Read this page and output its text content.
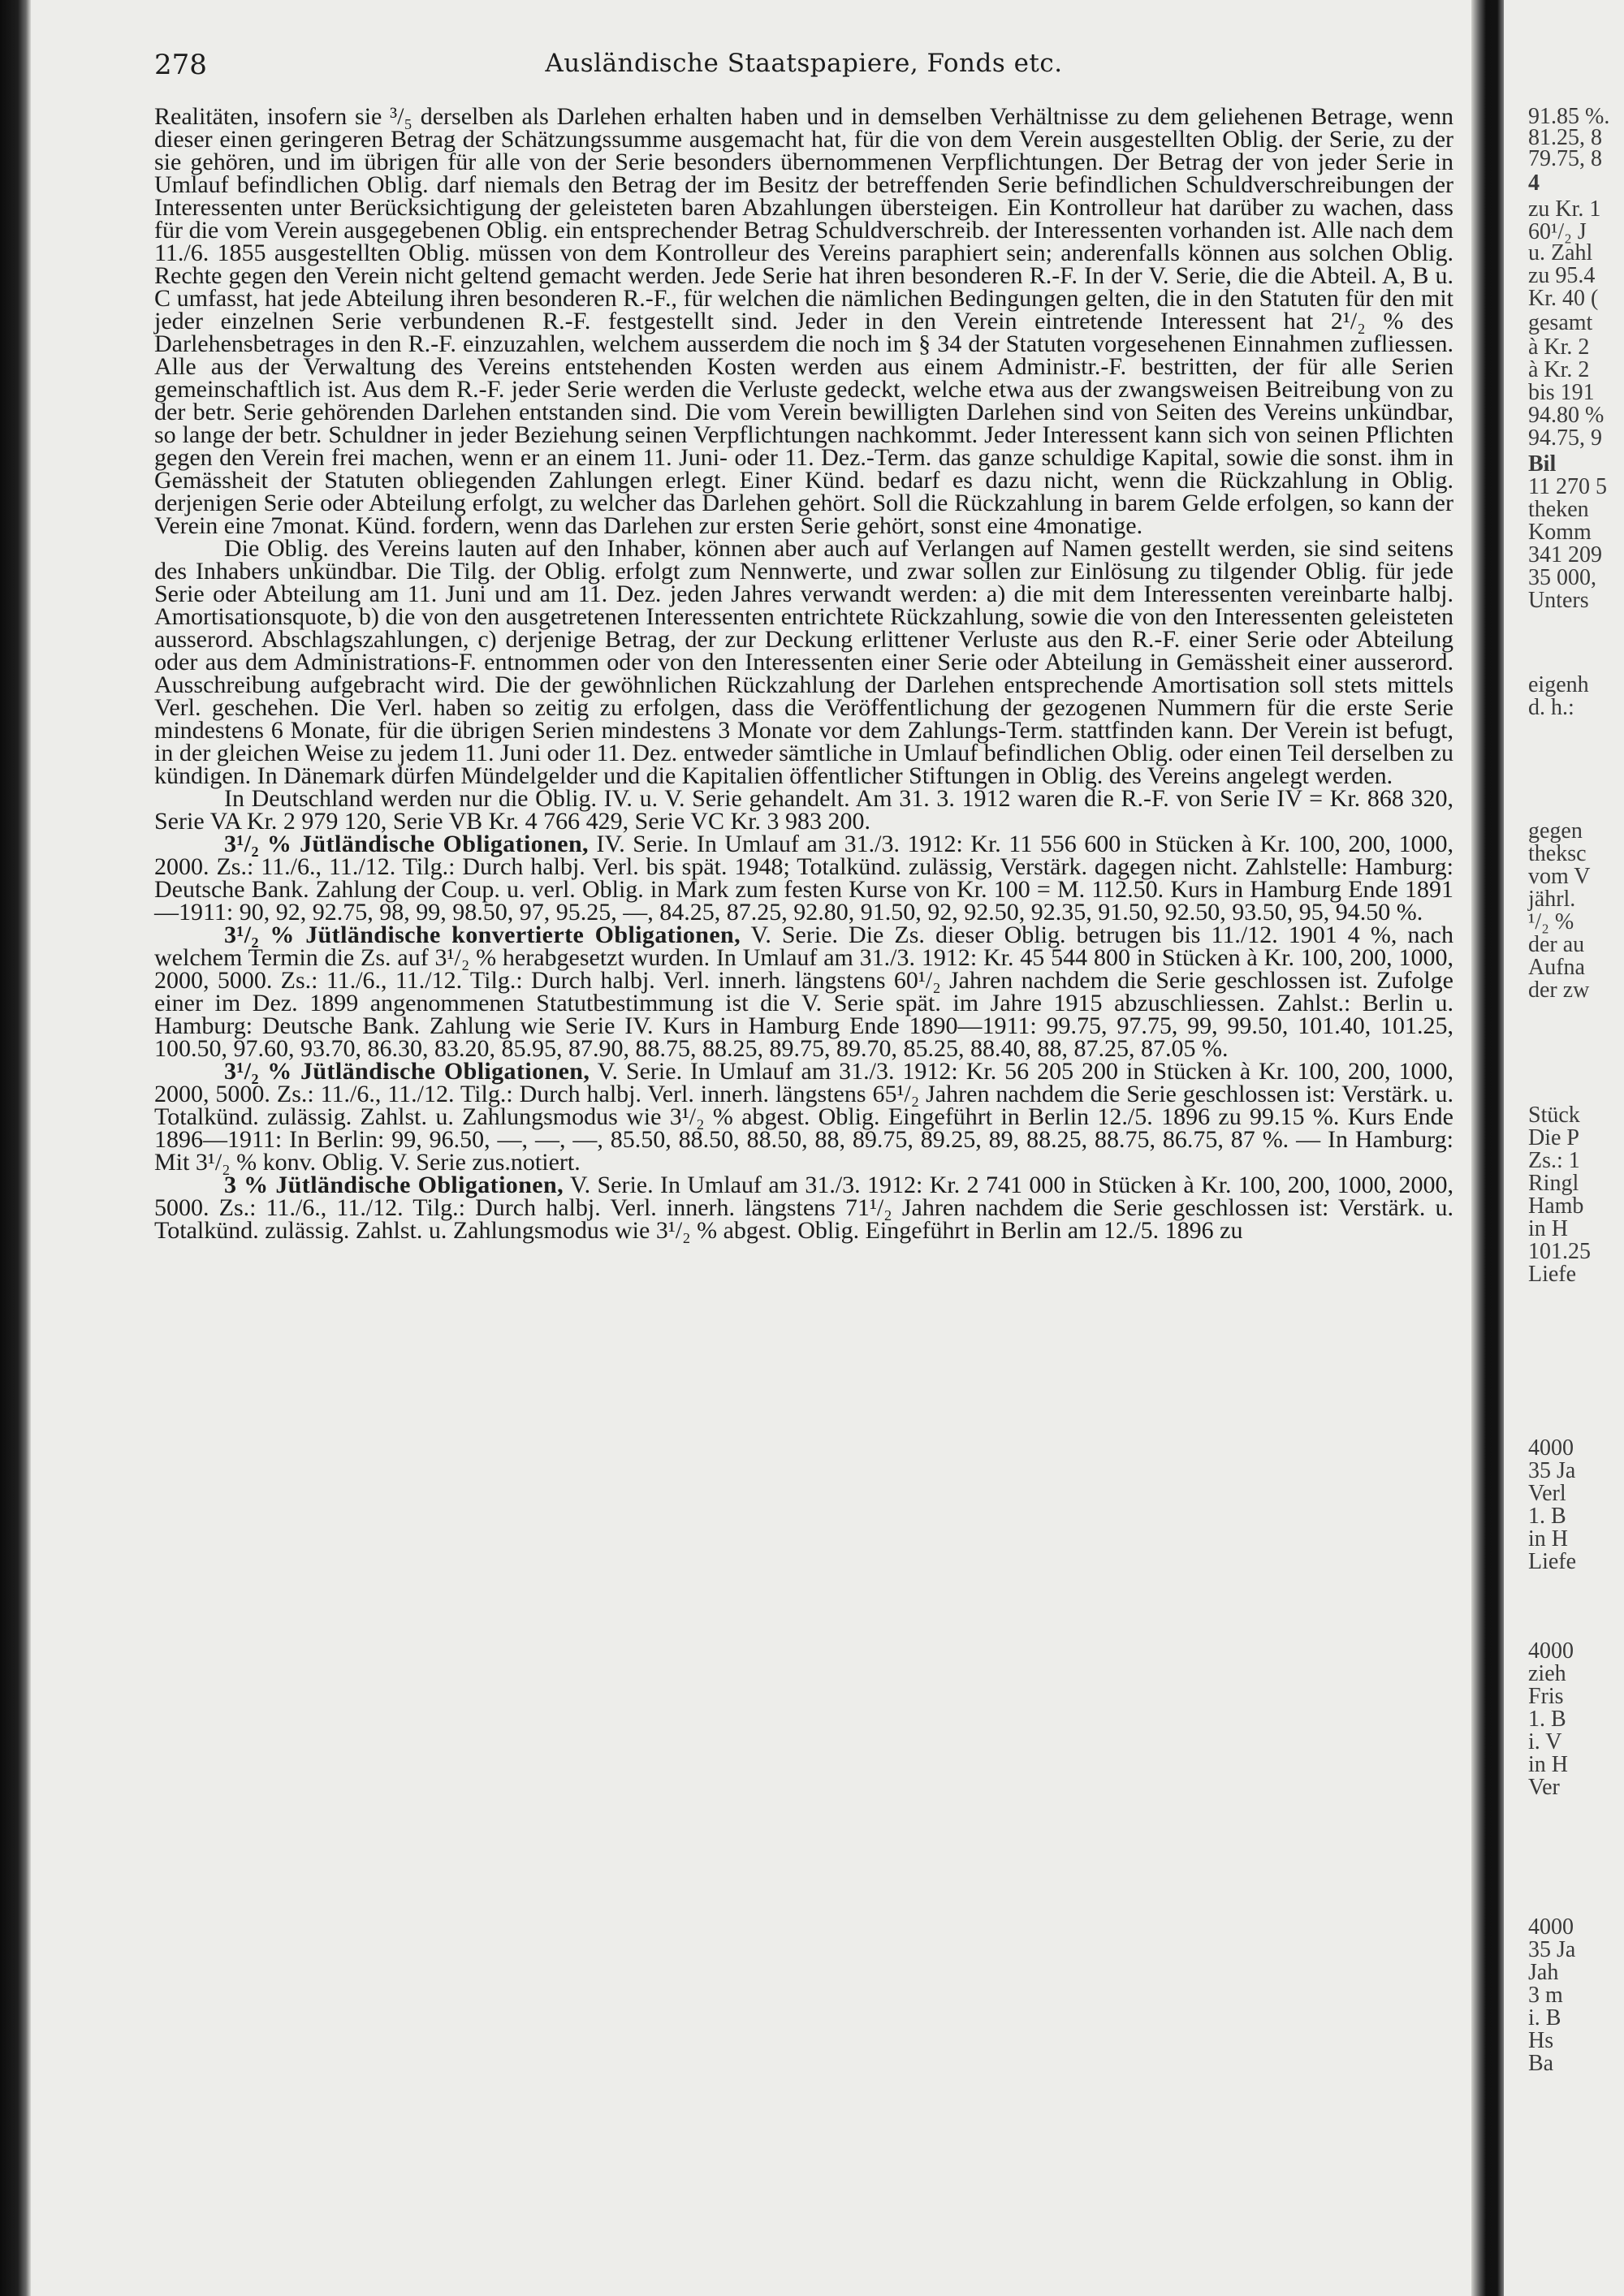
278	Ausländische Staatspapiere, Fonds etc.

Realitäten, insofern sie ³/₅ derselben als Darlehen erhalten haben und in demselben Verhältnisse zu dem geliehenen Betrage, wenn dieser einen geringeren Betrag der Schätzungssumme ausgemacht hat, für die von dem Verein ausgestellten Oblig. der Serie, zu der sie gehören, und im übrigen für alle von der Serie besonders übernommenen Verpflichtungen. Der Betrag der von jeder Serie in Umlauf befindlichen Oblig. darf niemals den Betrag der im Besitz der betreffenden Serie befindlichen Schuldverschreibungen der Interessenten unter Berücksichtigung der geleisteten baren Abzahlungen übersteigen. Ein Kontrolleur hat darüber zu wachen, dass für die vom Verein ausgegebenen Oblig. ein entsprechender Betrag Schuldverschreib. der Interessenten vorhanden ist. Alle nach dem 11./6. 1855 ausgestellten Oblig. müssen von dem Kontrolleur des Vereins paraphiert sein; anderenfalls können aus solchen Oblig. Rechte gegen den Verein nicht geltend gemacht werden. Jede Serie hat ihren besonderen R.-F. In der V. Serie, die die Abteil. A, B u. C umfasst, hat jede Abteilung ihren besonderen R.-F., für welchen die nämlichen Bedingungen gelten, die in den Statuten für den mit jeder einzelnen Serie verbundenen R.-F. festgestellt sind. Jeder in den Verein eintretende Interessent hat 2¹/₂ % des Darlehensbetrages in den R.-F. einzuzahlen, welchem ausserdem die noch im § 34 der Statuten vorgesehenen Einnahmen zufliessen. Alle aus der Verwaltung des Vereins entstehenden Kosten werden aus einem Administr.-F. bestritten, der für alle Serien gemeinschaftlich ist. Aus dem R.-F. jeder Serie werden die Verluste gedeckt, welche etwa aus der zwangsweisen Beitreibung von zu der betr. Serie gehörenden Darlehen entstanden sind. Die vom Verein bewilligten Darlehen sind von Seiten des Vereins unkündbar, so lange der betr. Schuldner in jeder Beziehung seinen Verpflichtungen nachkommt. Jeder Interessent kann sich von seinen Pflichten gegen den Verein frei machen, wenn er an einem 11. Juni- oder 11. Dez.-Term. das ganze schuldige Kapital, sowie die sonst. ihm in Gemässheit der Statuten obliegenden Zahlungen erlegt. Einer Künd. bedarf es dazu nicht, wenn die Rückzahlung in Oblig. derjenigen Serie oder Abteilung erfolgt, zu welcher das Darlehen gehört. Soll die Rückzahlung in barem Gelde erfolgen, so kann der Verein eine 7monat. Künd. fordern, wenn das Darlehen zur ersten Serie gehört, sonst eine 4monatige.

Die Oblig. des Vereins lauten auf den Inhaber, können aber auch auf Verlangen auf Namen gestellt werden, sie sind seitens des Inhabers unkündbar. Die Tilg. der Oblig. erfolgt zum Nennwerte, und zwar sollen zur Einlösung zu tilgender Oblig. für jede Serie oder Abteilung am 11. Juni und am 11. Dez. jeden Jahres verwandt werden: a) die mit dem Interessenten vereinbarte halbj. Amortisationsquote, b) die von den ausgetretenen Interessenten entrichtete Rückzahlung, sowie die von den Interessenten geleisteten ausserord. Abschlagszahlungen, c) derjenige Betrag, der zur Deckung erlittener Verluste aus den R.-F. einer Serie oder Abteilung oder aus dem Administrations-F. entnommen oder von den Interessenten einer Serie oder Abteilung in Gemässheit einer ausserord. Ausschreibung aufgebracht wird. Die der gewöhnlichen Rückzahlung der Darlehen entsprechende Amortisation soll stets mittels Verl. geschehen. Die Verl. haben so zeitig zu erfolgen, dass die Veröffentlichung der gezogenen Nummern für die erste Serie mindestens 6 Monate, für die übrigen Serien mindestens 3 Monate vor dem Zahlungs-Term. stattfinden kann. Der Verein ist befugt, in der gleichen Weise zu jedem 11. Juni oder 11. Dez. entweder sämtliche in Umlauf befindlichen Oblig. oder einen Teil derselben zu kündigen. In Dänemark dürfen Mündelgelder und die Kapitalien öffentlicher Stiftungen in Oblig. des Vereins angelegt werden.

In Deutschland werden nur die Oblig. IV. u. V. Serie gehandelt. Am 31. 3. 1912 waren die R.-F. von Serie IV = Kr. 868 320, Serie VA Kr. 2 979 120, Serie VB Kr. 4 766 429, Serie VC Kr. 3 983 200.

3¹/₂ % Jütländische Obligationen, IV. Serie. In Umlauf am 31./3. 1912: Kr. 11 556 600 in Stücken à Kr. 100, 200, 1000, 2000. Zs.: 11./6., 11./12. Tilg.: Durch halbj. Verl. bis spät. 1948; Totalkünd. zulässig, Verstärk. dagegen nicht. Zahlstelle: Hamburg: Deutsche Bank. Zahlung der Coup. u. verl. Oblig. in Mark zum festen Kurse von Kr. 100 = M. 112.50. Kurs in Hamburg Ende 1891—1911: 90, 92, 92.75, 98, 99, 98.50, 97, 95.25, —, 84.25, 87.25, 92.80, 91.50, 92, 92.50, 92.35, 91.50, 92.50, 93.50, 95, 94.50 %.

3¹/₂ % Jütländische konvertierte Obligationen, V. Serie. Die Zs. dieser Oblig. betrugen bis 11./12. 1901 4 %, nach welchem Termin die Zs. auf 3¹/₂ % herabgesetzt wurden. In Umlauf am 31./3. 1912: Kr. 45 544 800 in Stücken à Kr. 100, 200, 1000, 2000, 5000. Zs.: 11./6., 11./12. Tilg.: Durch halbj. Verl. innerh. längstens 60¹/₂ Jahren nachdem die Serie geschlossen ist. Zufolge einer im Dez. 1899 angenommenen Statutbestimmung ist die V. Serie spät. im Jahre 1915 abzuschliessen. Zahlst.: Berlin u. Hamburg: Deutsche Bank. Zahlung wie Serie IV. Kurs in Hamburg Ende 1890—1911: 99.75, 97.75, 99, 99.50, 101.40, 101.25, 100.50, 97.60, 93.70, 86.30, 83.20, 85.95, 87.90, 88.75, 88.25, 89.75, 89.70, 85.25, 88.40, 88, 87.25, 87.05 %.

3¹/₂ % Jütländische Obligationen, V. Serie. In Umlauf am 31./3. 1912: Kr. 56 205 200 in Stücken à Kr. 100, 200, 1000, 2000, 5000. Zs.: 11./6., 11./12. Tilg.: Durch halbj. Verl. innerh. längstens 65¹/₂ Jahren nachdem die Serie geschlossen ist: Verstärk. u. Totalkünd. zulässig. Zahlst. u. Zahlungsmodus wie 3¹/₂ % abgest. Oblig. Eingeführt in Berlin 12./5. 1896 zu 99.15 %. Kurs Ende 1896—1911: In Berlin: 99, 96.50, —, —, —, 85.50, 88.50, 88.50, 88, 89.75, 89.25, 89, 88.25, 88.75, 86.75, 87 %. — In Hamburg: Mit 3¹/₂ % konv. Oblig. V. Serie zus.notiert.

3 % Jütländische Obligationen, V. Serie. In Umlauf am 31./3. 1912: Kr. 2 741 000 in Stücken à Kr. 100, 200, 1000, 2000, 5000. Zs.: 11./6., 11./12. Tilg.: Durch halbj. Verl. innerh. längstens 71¹/₂ Jahren nachdem die Serie geschlossen ist: Verstärk. u. Totalkünd. zulässig. Zahlst. u. Zahlungsmodus wie 3¹/₂ % abgest. Oblig. Eingeführt in Berlin am 12./5. 1896 zu

91.85 %.
81.25, 8
79.75, 8
4
zu Kr. 1
60¹/₂ J
u. Zahl
zu 95.4
Kr. 40 (
gesamt
à Kr. 2
à Kr. 2
bis 191
94.80 %
94.75, 9
Bil
11 270 5
theken
Komm
341 209
35 000,
Unters
eigenh
d. h.:
gegen
theksc
vom V
jährl.
¹/₂ %
der au
Aufna
der zw
Stück
Die P
Zs.: 1
Ringl
Hamb
in H
101.25
Liefe
4000
35 Ja
Verl
1. B
in H
Liefe
4000
zieh
Fris
1. B
i. V
in H
Ver
4000
35 Ja
Jah
3 m
i. B
Hs
Ba
